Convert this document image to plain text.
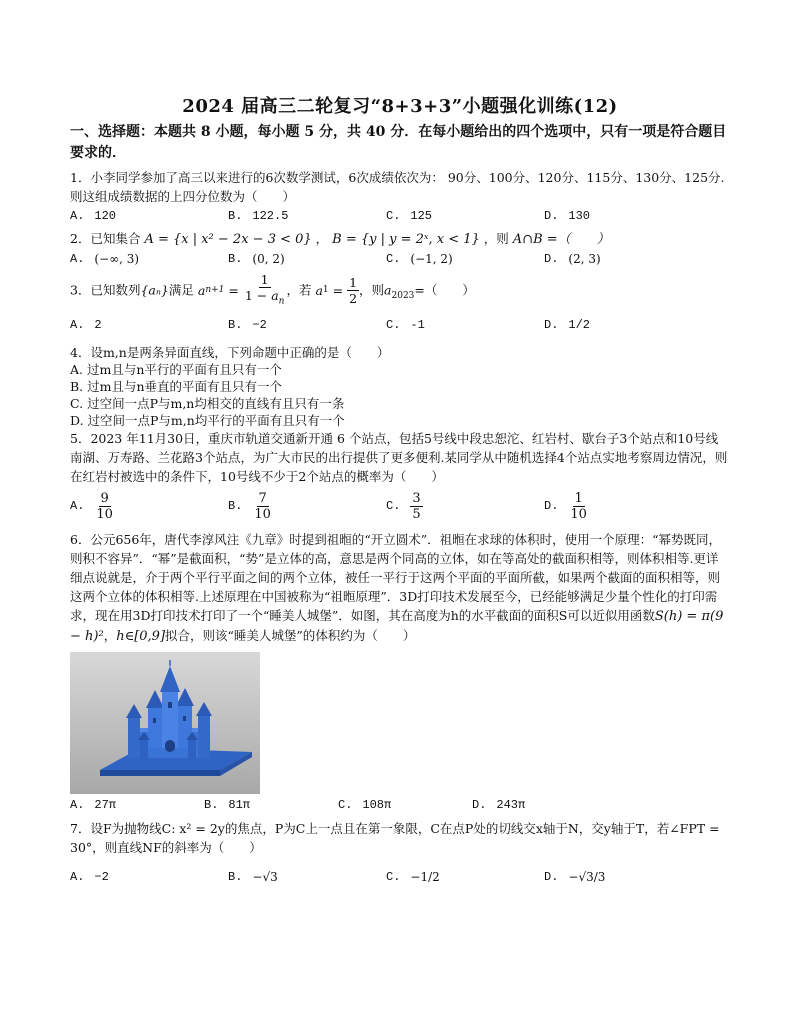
2024 届高三二轮复习“8+3+3”小题强化训练(12)
一、选择题：本题共 8 小题，每小题 5 分，共 40 分．在每小题给出的四个选项中，只有一项是符合题目要求的．

1．小李同学参加了高三以来进行的6次数学测试，6次成绩依次为： 90分、100分、120分、115分、130分、125分.则这组成绩数据的上四分位数为（　　）

A. 120	B. 122.5	C. 125	D. 130

2．已知集合 A = {x | x² − 2x − 3 < 0} ， B = {y | y = 2ˣ, x < 1} ，则 A∩B =（　　）

A. (−∞, 3)	B. (0, 2)	C. (−1, 2)	D. (2, 3)

3．已知数列{aₙ}满足 a $n+1 = \frac{1}{1 - a_n}$ ，若 a $1 = \frac{1}{2}$ ，则$a_{2023}=$（　　）

A. 2	B. −2	C. -1	D. 1/2
4．设m,n是两条异面直线，下列命题中正确的是（　　）
A. 过m且与n平行的平面有且只有一个
B. 过m且与n垂直的平面有且只有一个
C. 过空间一点P与m,n均相交的直线有且只有一条
D. 过空间一点P与m,n均平行的平面有且只有一个

5．2023 年11月30日，重庆市轨道交通新开通 6 个站点，包括5号线中段忠恕沱、红岩村、歇台子3个站点和10号线南湖、万寿路、兰花路3个站点，为广大市民的出行提供了更多便利.某同学从中随机选择4个站点实地考察周边情况，则在红岩村被选中的条件下，10号线不少于2个站点的概率为（　　）

A. $\frac{9}{10}$	B. $\frac{7}{10}$	C. $\frac{3}{5}$	D. $\frac{1}{10}$

6．公元656年，唐代李淳风注《九章》时提到祖暅的“开立圆术”．祖暅在求球的体积时，使用一个原理：“幂势既同，则积不容异”．“幂”是截面积，“势”是立体的高，意思是两个同高的立体，如在等高处的截面积相等，则体积相等.更详细点说就是，介于两个平行平面之间的两个立体，被任一平行于这两个平面的平面所截，如果两个截面的面积相等，则这两个立体的体积相等.上述原理在中国被称为“祖暅原理”．3D打印技术发展至今，已经能够满足少量个性化的打印需求，现在用3D打印技术打印了一个“睡美人城堡”．如图，其在高度为h的水平截面的面积S可以近似用函数S(h) = π(9 − h)²，h∈[0,9]拟合，则该“睡美人城堡”的体积约为（　　）

A. 27π	B. 81π	C. 108π	D. 243π

7．设F为抛物线C: x² = 2y的焦点，P为C上一点且在第一象限，C在点P处的切线交x轴于N，交y轴于T，若∠FPT = 30°，则直线NF的斜率为（　　）

A. −2	B. −√3	C. −1/2	D. −√3/3
